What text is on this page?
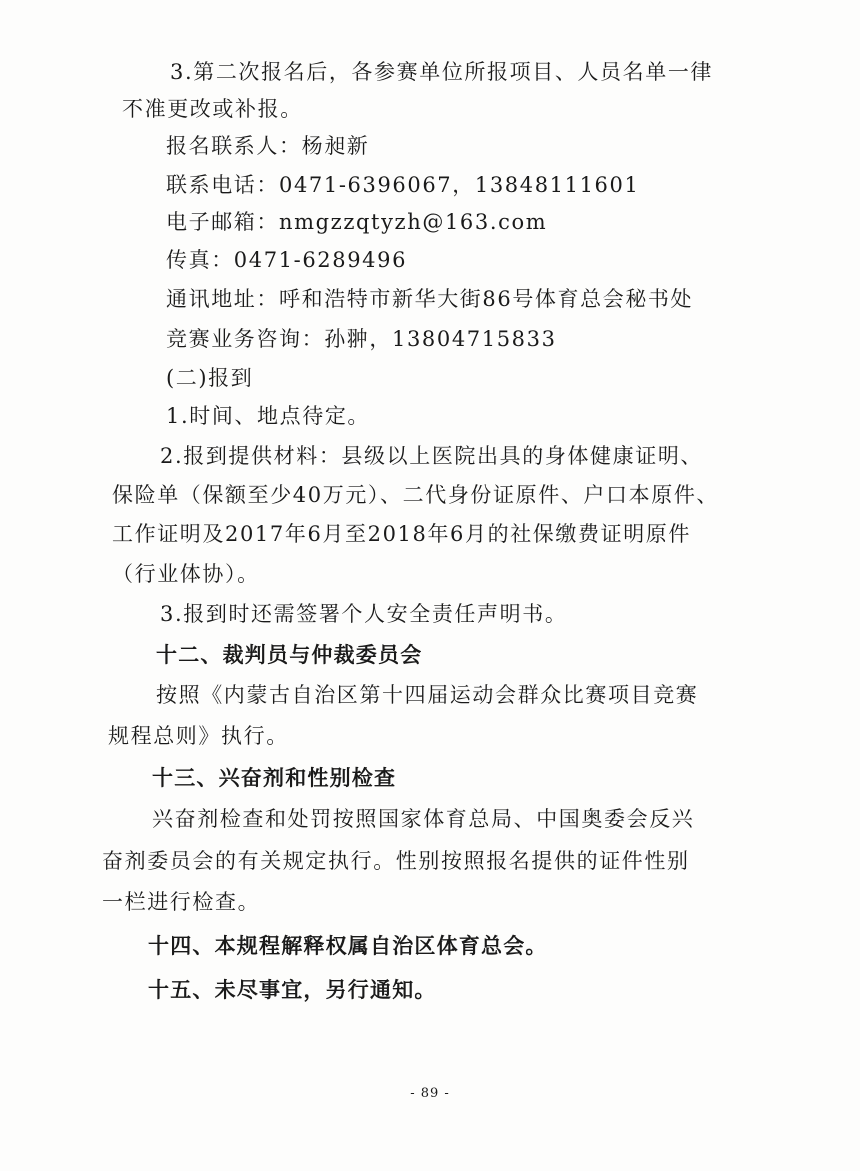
3.第二次报名后，各参赛单位所报项目、人员名单一律
不准更改或补报。
报名联系人：杨昶新
联系电话：0471-6396067，13848111601
电子邮箱：nmgzzqtyzh@163.com
传真：0471-6289496
通讯地址：呼和浩特市新华大街86号体育总会秘书处
竞赛业务咨询：孙翀，13804715833
(二)报到
1.时间、地点待定。
2.报到提供材料：县级以上医院出具的身体健康证明、
保险单（保额至少40万元）、二代身份证原件、户口本原件、
工作证明及2017年6月至2018年6月的社保缴费证明原件
（行业体协）。
3.报到时还需签署个人安全责任声明书。
十二、裁判员与仲裁委员会
按照《内蒙古自治区第十四届运动会群众比赛项目竞赛
规程总则》执行。
十三、兴奋剂和性别检查
兴奋剂检查和处罚按照国家体育总局、中国奥委会反兴
奋剂委员会的有关规定执行。性别按照报名提供的证件性别
一栏进行检查。
十四、本规程解释权属自治区体育总会。
十五、未尽事宜，另行通知。
- 89 -
